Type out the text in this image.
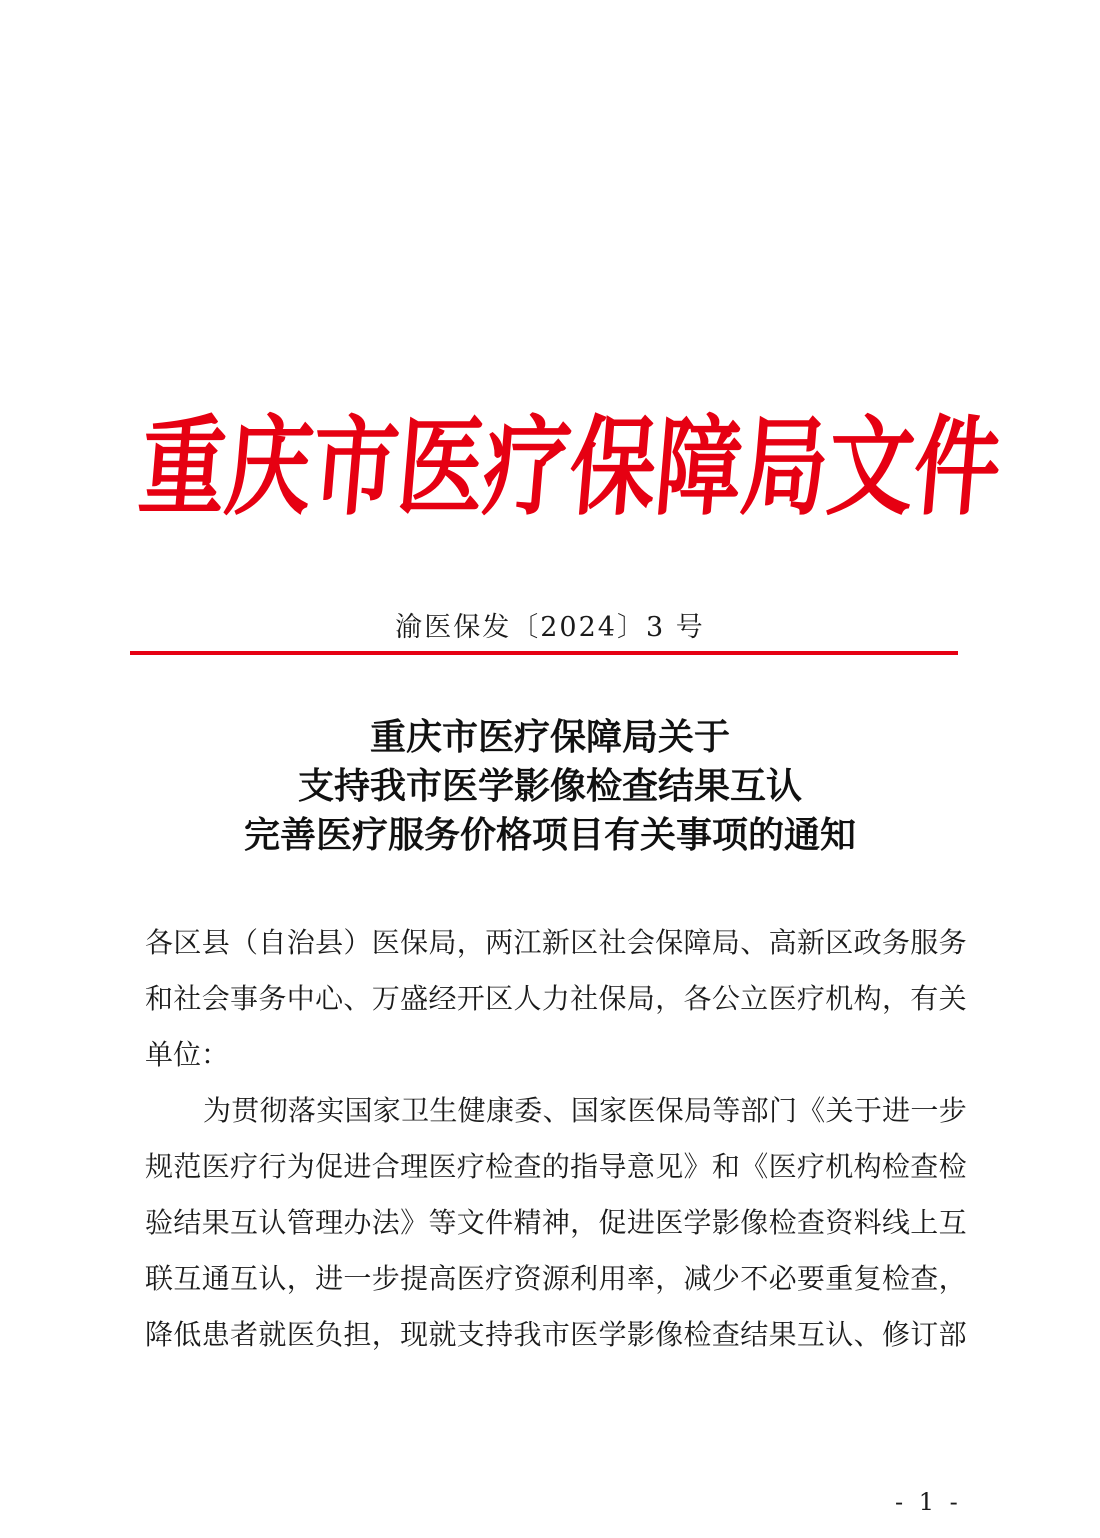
重
庆
市
医
疗
保
障
局
文
件
渝医保发〔2024〕3 号
重庆市医疗保障局关于
支持我市医学影像检查结果互认
完善医疗服务价格项目有关事项的通知
各 区 县 （ 自 治 县 ） 医 保 局 ， 两 江 新 区 社 会 保 障 局 、 高 新 区 政 务 服 务
和 社 会 事 务 中 心 、 万 盛 经 开 区 人 力 社 保 局 ， 各 公 立 医 疗 机 构 ， 有 关
单位：
为 贯 彻 落 实 国 家 卫 生 健 康 委 、 国 家 医 保 局 等 部 门 《 关 于 进 一 步
规 范 医 疗 行 为 促 进 合 理 医 疗 检 查 的 指 导 意 见 》 和 《 医 疗 机 构 检 查 检
验 结 果 互 认 管 理 办 法 》 等 文 件 精 神 ， 促 进 医 学 影 像 检 查 资 料 线 上 互
联 互 通 互 认 ， 进 一 步 提 高 医 疗 资 源 利 用 率 ， 减 少 不 必 要 重 复 检 查 ，
降 低 患 者 就 医 负 担 ， 现 就 支 持 我 市 医 学 影 像 检 查 结 果 互 认 、 修 订 部
- 1 -
